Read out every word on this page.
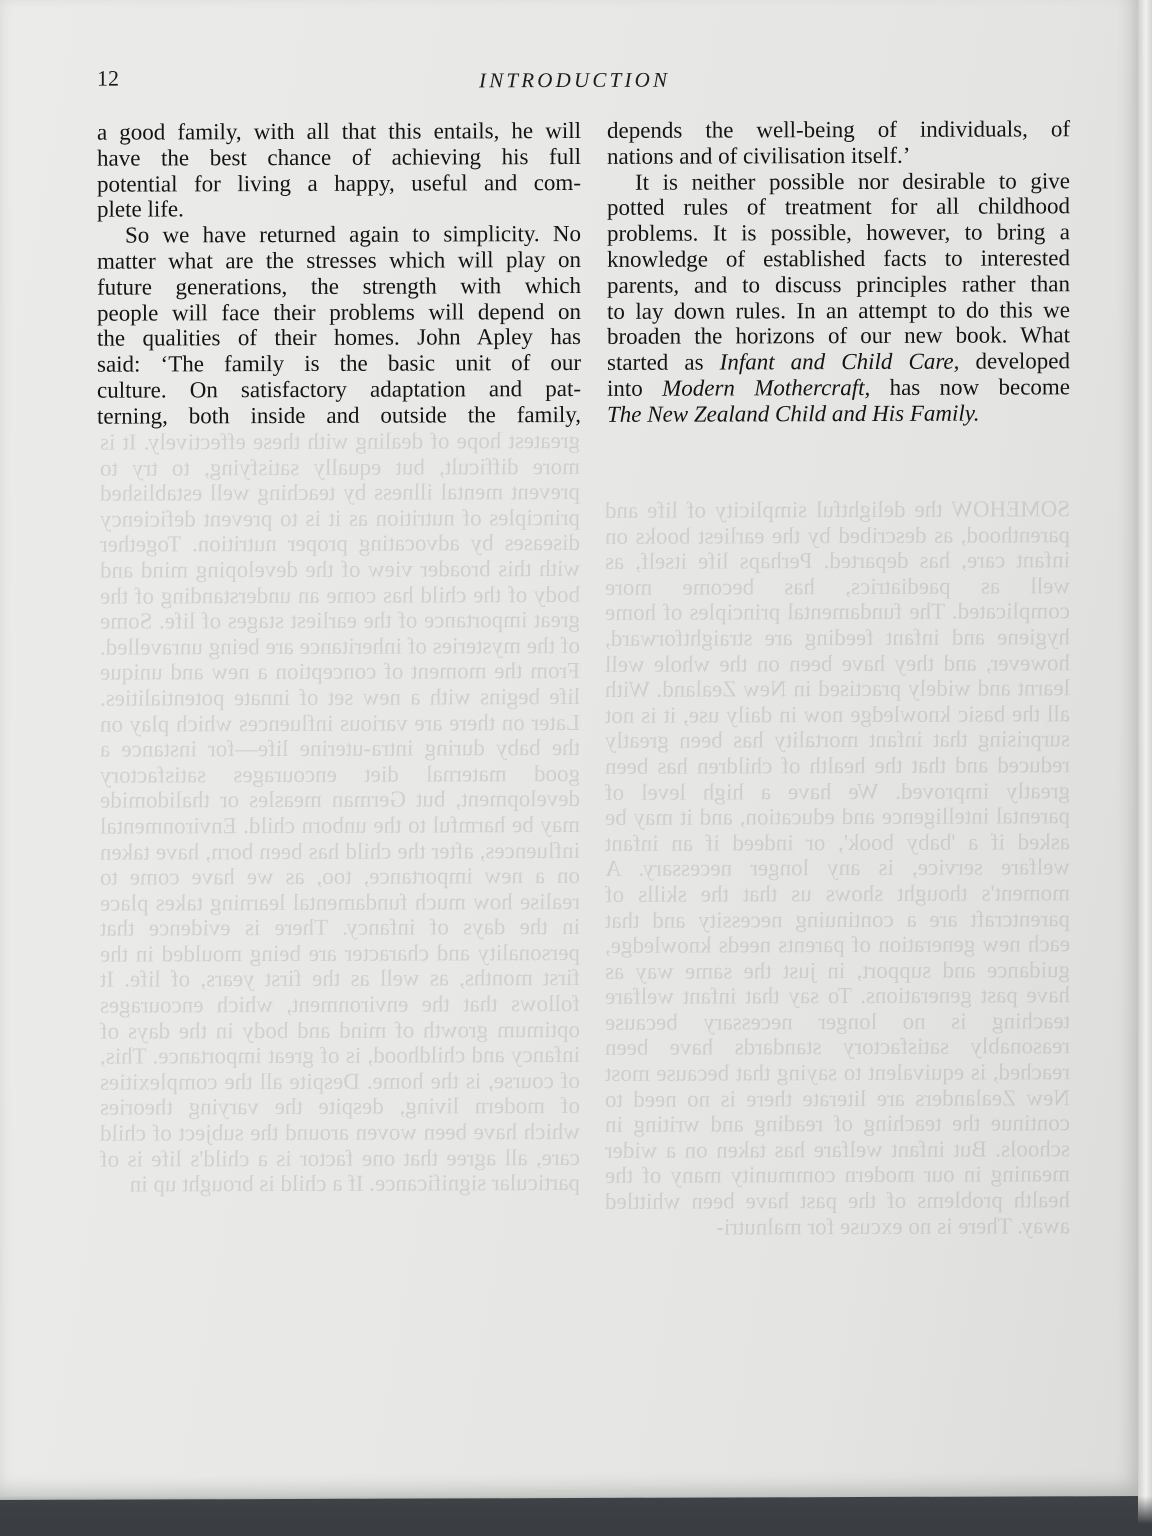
greatest hope of dealing with these effectively. It is more difficult, but equally satisfying, to try to prevent mental illness by teaching well established principles of nutrition as it is to prevent deficiency diseases by advocating proper nutrition. Together with this broader view of the developing mind and body of the child has come an understanding of the great importance of the earliest stages of life. Some of the mysteries of inheritance are being unravelled. From the moment of conception a new and unique life begins with a new set of innate potentialities. Later on there are various influences which play on the baby during intra-uterine life—for instance a good maternal diet encourages satisfactory development, but German measles or thalidomide may be harmful to the unborn child. Environmental influences, after the child has been born, have taken on a new importance, too, as we have come to realise how much fundamental learning takes place in the days of infancy. There is evidence that personality and character are being moulded in the first months, as well as the first years, of life. It follows that the environment, which encourages optimum growth of mind and body in the days of infancy and childhood, is of great importance. This, of course, is the home. Despite all the complexities of modern living, despite the varying theories which have been woven around the subject of child care, all agree that one factor is a child's life is of particular significance. If a child is brought up in

SOMEHOW the delightful simplicity of life and parenthood, as described by the earliest books on infant care, has departed. Perhaps life itself, as well as paediatrics, has become more complicated. The fundamental principles of home hygiene and infant feeding are straightforward, however, and they have been on the whole well learnt and widely practised in New Zealand. With all the basic knowledge now in daily use, it is not surprising that infant mortality has been greatly reduced and that the health of children has been greatly improved. We have a high level of parental intelligence and education, and it may be asked if a 'baby book', or indeed if an infant welfare service, is any longer necessary. A moment's thought shows us that the skills of parentcraft are a continuing necessity and that each new generation of parents needs knowledge, guidance and support, in just the same way as have past generations. To say that infant welfare teaching is no longer necessary because reasonably satisfactory standards have been reached, is equivalent to saying that because most New Zealanders are literate there is no need to continue the teaching of reading and writing in schools. But infant welfare has taken on a wider meaning in our modern community many of the health problems of the past have been whittled away. There is no excuse for malnutri-

12	INTRODUCTION

a good family, with all that this entails, he will
have the best chance of achieving his full
potential for living a happy, useful and com-
plete life.

So we have returned again to simplicity. No
matter what are the stresses which will play on
future generations, the strength with which
people will face their problems will depend on
the qualities of their homes. John Apley has
said: ‘The family is the basic unit of our
culture. On satisfactory adaptation and pat-
terning, both inside and outside the family,

depends the well-being of individuals, of
nations and of civilisation itself.’

It is neither possible nor desirable to give
potted rules of treatment for all childhood
problems. It is possible, however, to bring a
knowledge of established facts to interested
parents, and to discuss principles rather than
to lay down rules. In an attempt to do this we
broaden the horizons of our new book. What
started as Infant and Child Care, developed
into Modern Mothercraft, has now become
The New Zealand Child and His Family.
